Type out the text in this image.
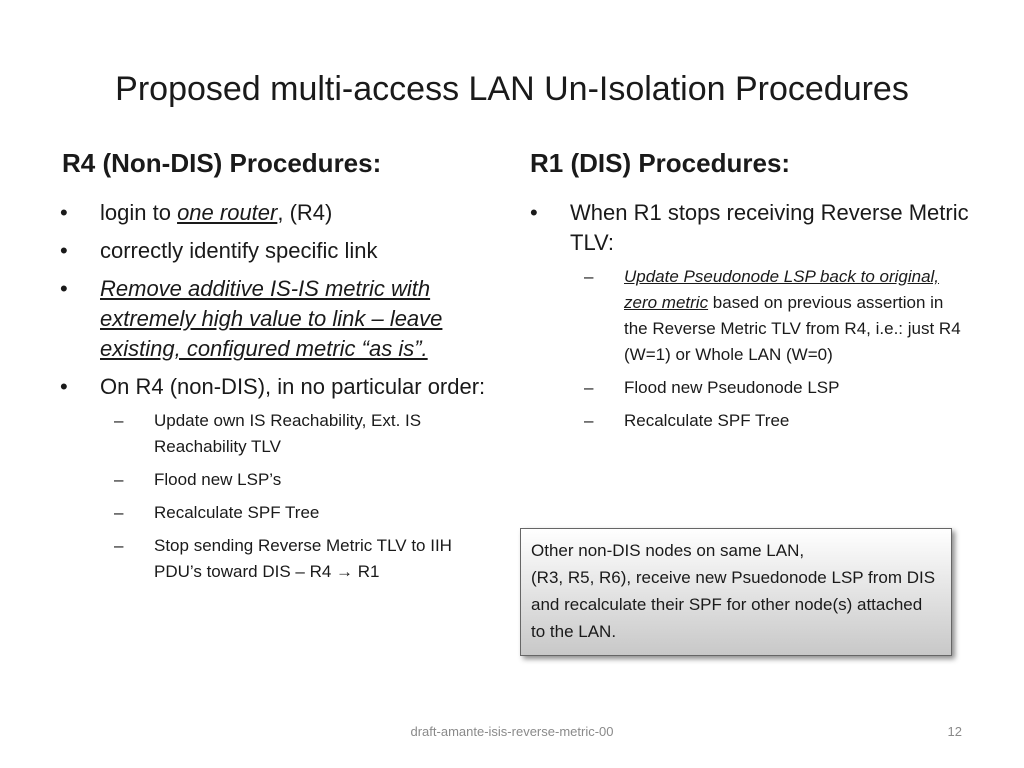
Proposed multi-access LAN Un-Isolation Procedures
R4 (Non-DIS) Procedures:	R1 (DIS) Procedures:
•	login to one router, (R4)
•	correctly identify specific link
•	Remove additive IS-IS metric with extremely high value to link – leave existing, configured metric “as is”.
•	On R4 (non-DIS), in no particular order:
– Update own IS Reachability, Ext. IS Reachability TLV
– Flood new LSP’s
– Recalculate SPF Tree
– Stop sending Reverse Metric TLV to IIH PDU’s toward DIS – R4 → R1
•	When R1 stops receiving Reverse Metric TLV:
– Update Pseudonode LSP back to original, zero metric based on previous assertion in the Reverse Metric TLV from R4, i.e.: just R4 (W=1) or Whole LAN (W=0)
– Flood new Pseudonode LSP
– Recalculate SPF Tree
Other non-DIS nodes on same LAN,
(R3, R5, R6), receive new Psuedonode LSP from DIS and recalculate their SPF for other node(s) attached to the LAN.
draft-amante-isis-reverse-metric-00	12
